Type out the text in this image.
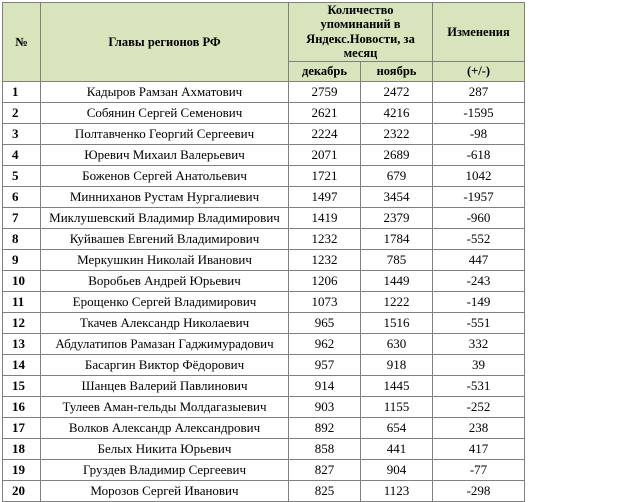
№	Главы регионов РФ	Количество упоминаний в Яндекс.Новости, за месяц		Изменения
		декабрь	ноябрь	(+/-)
1	Кадыров Рамзан Ахматович	2759	2472	287
2	Собянин Сергей Семенович	2621	4216	-1595
3	Полтавченко Георгий Сергеевич	2224	2322	-98
4	Юревич Михаил Валерьевич	2071	2689	-618
5	Боженов Сергей Анатольевич	1721	679	1042
6	Минниханов Рустам Нургалиевич	1497	3454	-1957
7	Миклушевский Владимир Владимирович	1419	2379	-960
8	Куйвашев Евгений Владимирович	1232	1784	-552
9	Меркушкин Николай Иванович	1232	785	447
10	Воробьев Андрей Юрьевич	1206	1449	-243
11	Ерощенко Сергей Владимирович	1073	1222	-149
12	Ткачев Александр Николаевич	965	1516	-551
13	Абдулатипов Рамазан Гаджимурадович	962	630	332
14	Басаргин Виктор Фёдорович	957	918	39
15	Шанцев Валерий Павлинович	914	1445	-531
16	Тулеев Аман-гельды Молдагазыевич	903	1155	-252
17	Волков Александр Александрович	892	654	238
18	Белых Никита Юрьевич	858	441	417
19	Груздев Владимир Сергеевич	827	904	-77
20	Морозов Сергей Иванович	825	1123	-298
